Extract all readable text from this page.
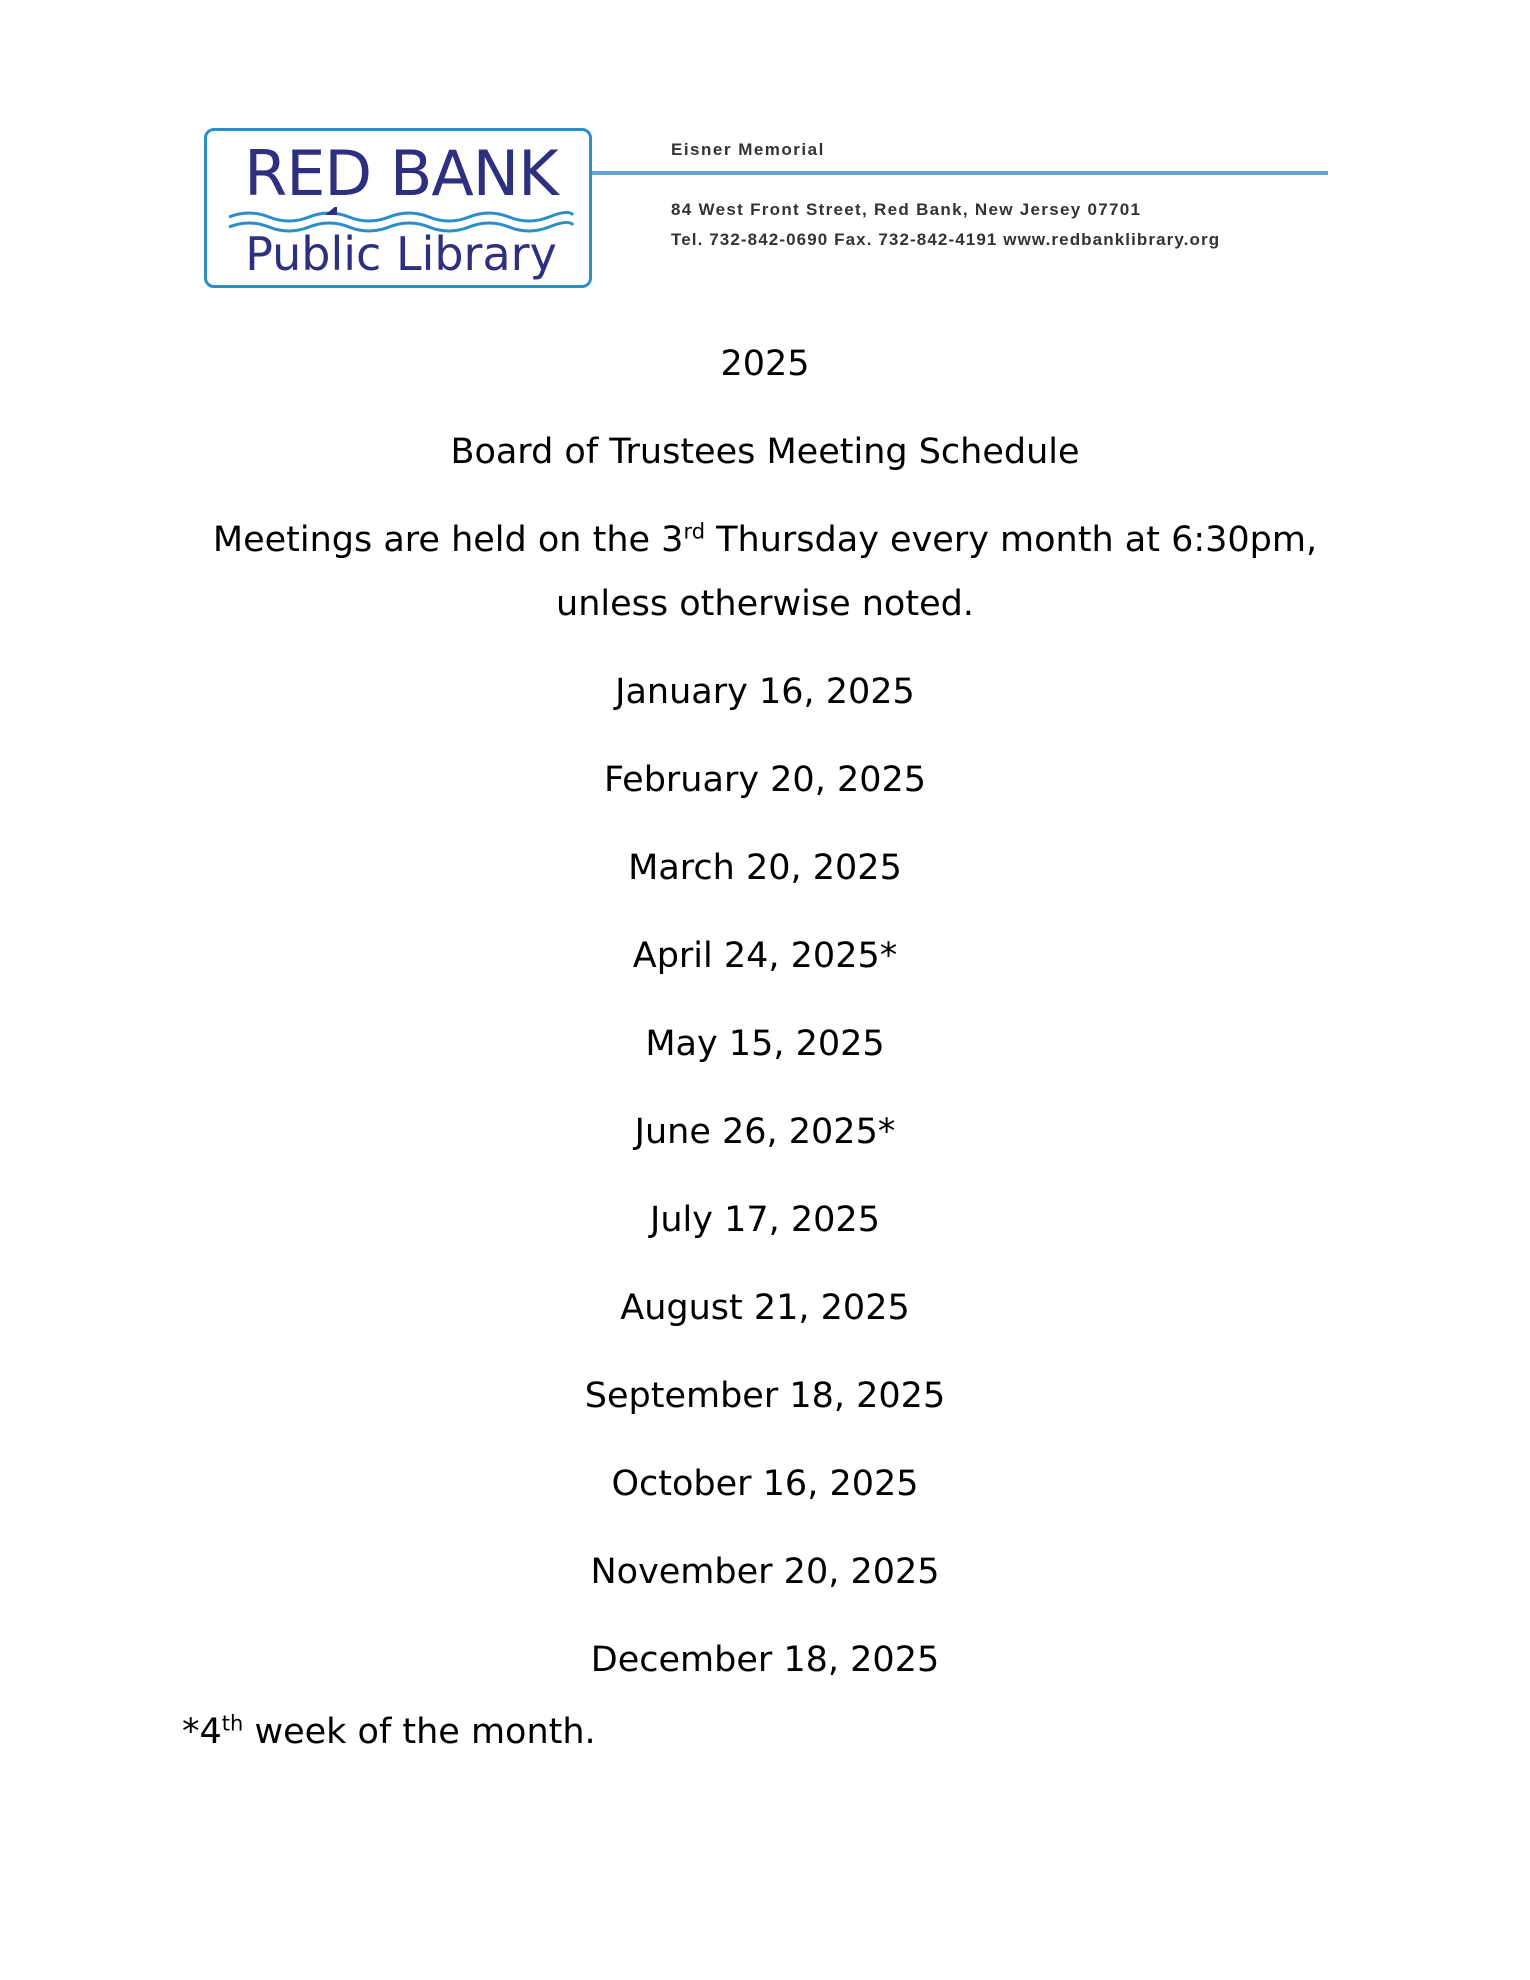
RED BANK
Public Library
Eisner Memorial
84 West Front Street, Red Bank, New Jersey 07701
Tel. 732-842-0690 Fax. 732-842-4191 www.redbanklibrary.org
2025
Board of Trustees Meeting Schedule
Meetings are held on the 3rd Thursday every month at 6:30pm,
unless otherwise noted.
January 16, 2025
February 20, 2025
March 20, 2025
April 24, 2025*
May 15, 2025
June 26, 2025*
July 17, 2025
August 21, 2025
September 18, 2025
October 16, 2025
November 20, 2025
December 18, 2025
*4th week of the month.
